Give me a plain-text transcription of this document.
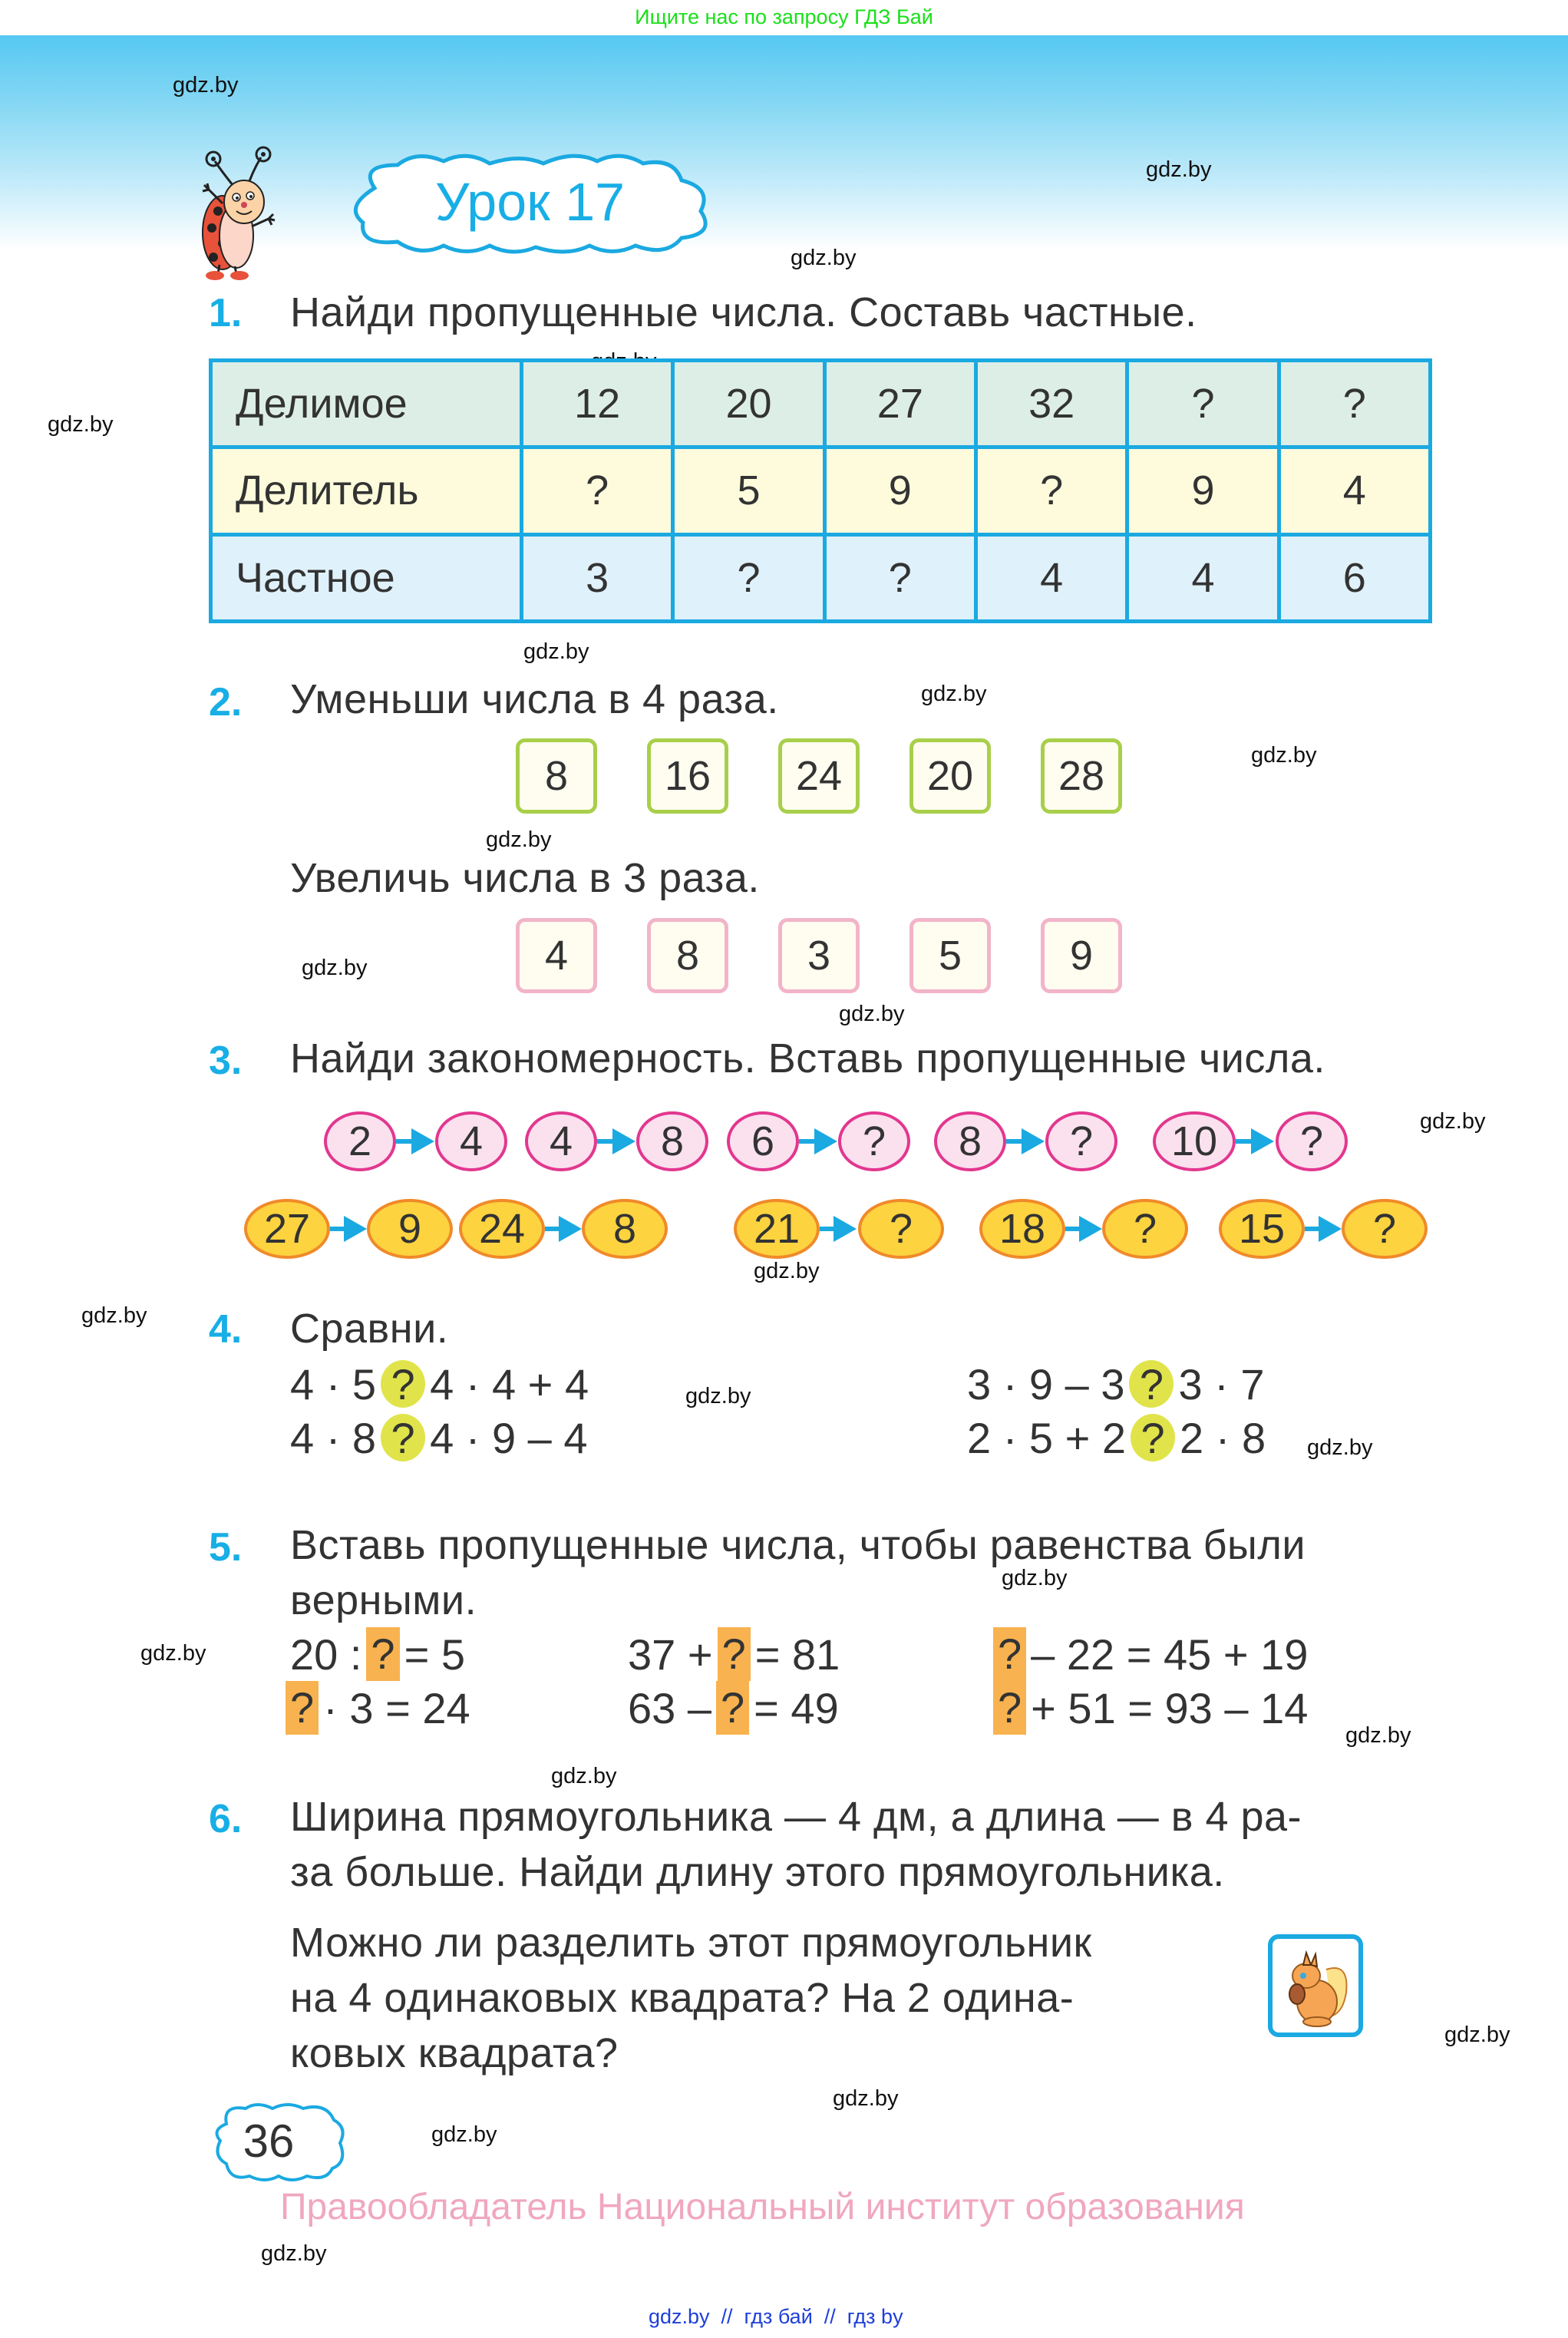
Ищите нас по запросу ГДЗ Бай
Урок 17
gdz.by
gdz.by
gdz.by
gdz.by
gdz.by
gdz.by
gdz.by
gdz.by
gdz.by
gdz.by
gdz.by
gdz.by
gdz.by
gdz.by
gdz.by
gdz.by
gdz.by
gdz.by
gdz.by
gdz.by
gdz.by
gdz.by
gdz.by
1. Найди пропущенные числа. Составь частные.
Делимое	12	20	27	32	?	?
Делитель	?	5	9	?	9	4
Частное	3	?	?	4	4	6
2. Уменьши числа в 4 раза.
8	16	24	20	28
Увеличь числа в 3 раза.
4	8	3	5	9
3. Найди закономерность. Вставь пропущенные числа.
2	4	4	8	6	?	8	?	10	?
27	9	24	8	21	?	18	?	15	?
4. Сравни.
4 · 5 ? 4 · 4 + 4
4 · 8 ? 4 · 9 – 4
3 · 9 – 3 ? 3 · 7
2 · 5 + 2 ? 2 · 8
5. Вставь пропущенные числа, чтобы равенства были
верными.
20 : ? = 5	37 + ? = 81	? – 22 = 45 + 19
? · 3 = 24	63 – ? = 49	? + 51 = 93 – 14
6. Ширина прямоугольника — 4 дм, а длина — в 4 ра-
за больше. Найди длину этого прямоугольника.
Можно ли разделить этот прямоугольник
на 4 одинаковых квадрата? На 2 одина-
ковых квадрата?
36
Правообладатель Национальный институт образования
gdz.by  //  гдз бай  //  гдз by
